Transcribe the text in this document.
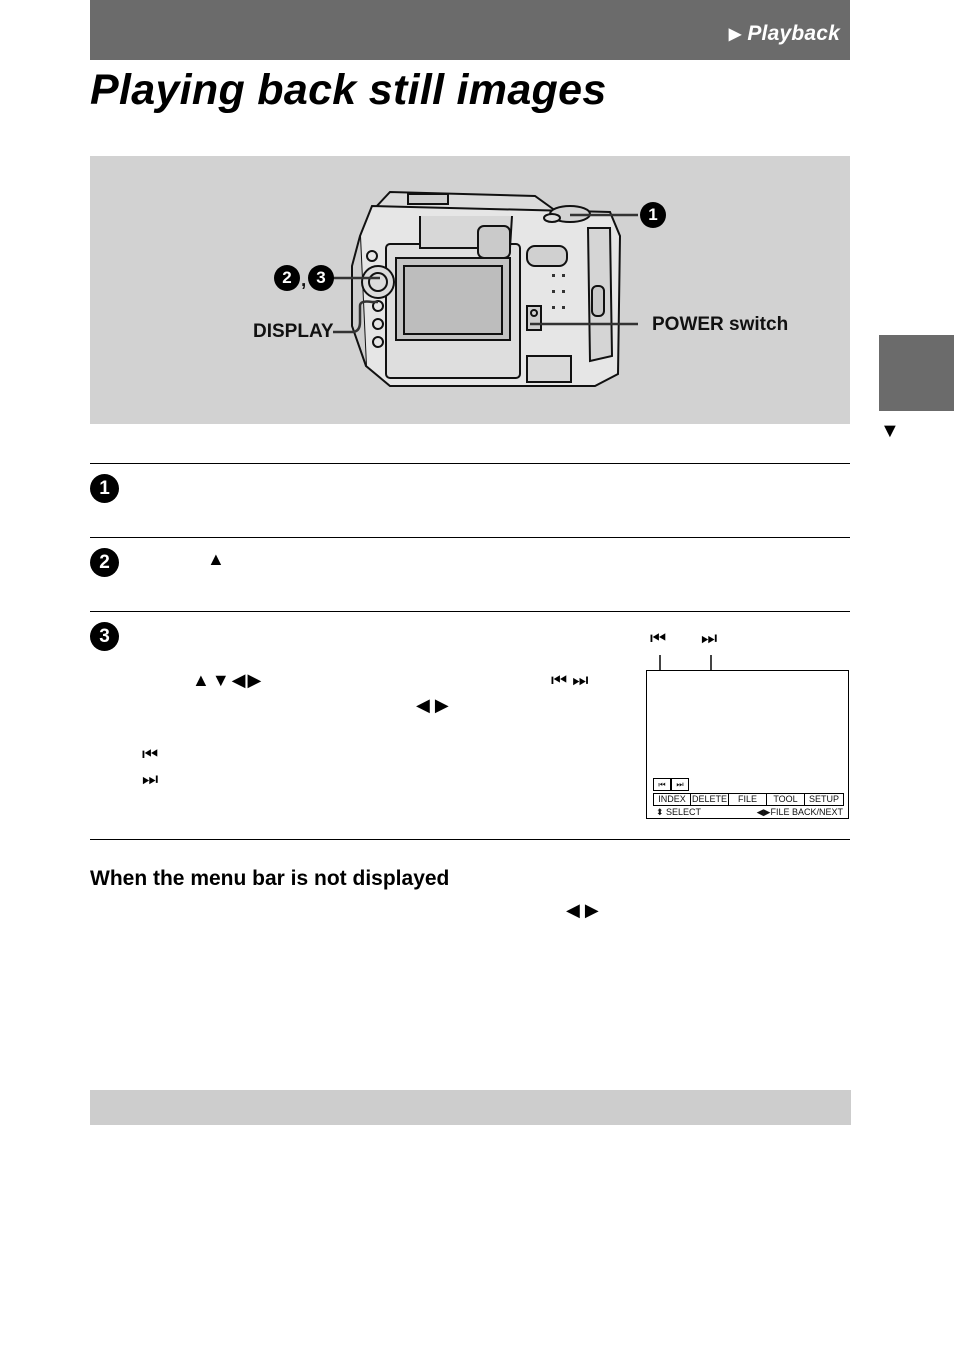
▶ Playback
Playing back still images
1
2 , 3
DISPLAY	POWER switch
▼
1
2	▲
3
▲▼◀▶	⏮ ⏭
◀ ▶
⏮
⏭
⏮ ⏭
⏮	⏭
INDEX DELETE	FILE	TOOL	SETUP
⬍ SELECT	◀▶FILE BACK/NEXT
When the menu bar is not displayed
◀ ▶
